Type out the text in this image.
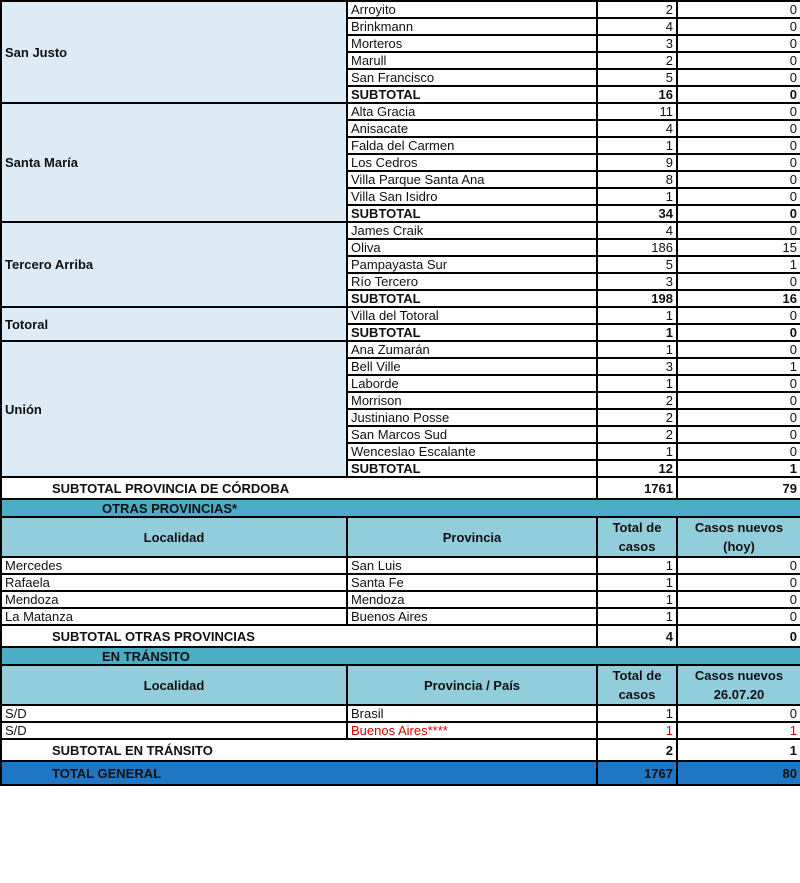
San Justo	Arroyito	2	0
	Brinkmann	4	0
	Morteros	3	0
	Marull	2	0
	San Francisco	5	0
	SUBTOTAL	16	0
Santa María	Alta Gracia	11	0
	Anisacate	4	0
	Falda del Carmen	1	0
	Los Cedros	9	0
	Villa Parque Santa Ana	8	0
	Villa San Isidro	1	0
	SUBTOTAL	34	0
Tercero Arriba	James Craik	4	0
	Oliva	186	15
	Pampayasta Sur	5	1
	Río Tercero	3	0
	SUBTOTAL	198	16
Totoral	Villa del Totoral	1	0
	SUBTOTAL	1	0
Unión	Ana Zumarán	1	0
	Bell Ville	3	1
	Laborde	1	0
	Morrison	2	0
	Justiniano Posse	2	0
	San Marcos Sud	2	0
	Wenceslao Escalante	1	0
	SUBTOTAL	12	1
SUBTOTAL PROVINCIA DE CÓRDOBA		1761	79
OTRAS PROVINCIAS*			
Localidad	Provincia	Total de casos	Casos nuevos (hoy)
Mercedes	San Luis	1	0
Rafaela	Santa Fe	1	0
Mendoza	Mendoza	1	0
La Matanza	Buenos Aires	1	0
SUBTOTAL OTRAS PROVINCIAS		4	0
EN TRÁNSITO			
Localidad	Provincia / País	Total de casos	Casos nuevos 26.07.20
S/D	Brasil	1	0
S/D	Buenos Aires****	1	1
SUBTOTAL EN TRÁNSITO		2	1
TOTAL GENERAL		1767	80
